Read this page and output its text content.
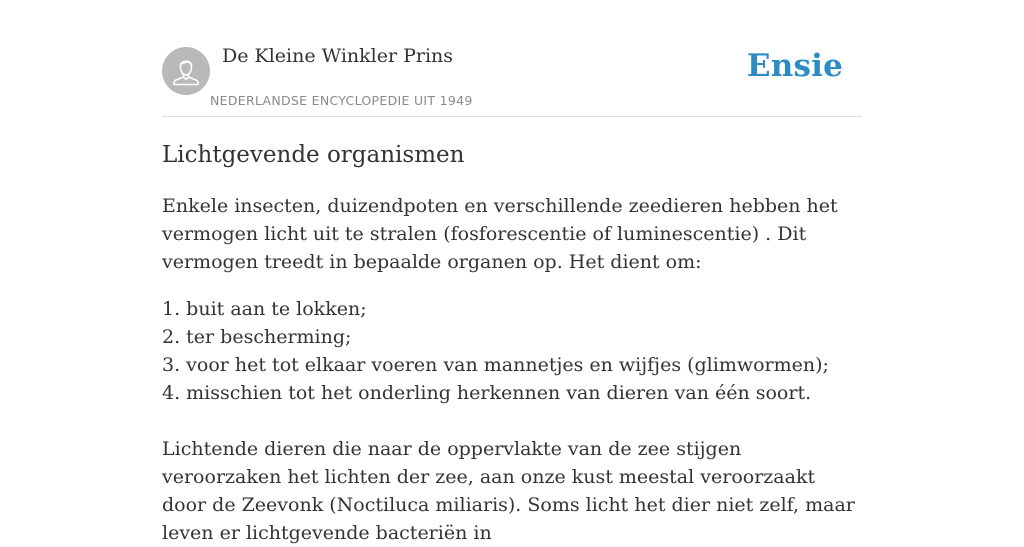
De Kleine Winkler Prins
NEDERLANDSE ENCYCLOPEDIE UIT 1949
Ensie
Lichtgevende organismen

Enkele insecten, duizendpoten en verschillende zeedieren hebben het vermogen licht uit te stralen (fosforescentie of luminescentie) . Dit vermogen treedt in bepaalde organen op. Het dient om:

1. buit aan te lokken;
2. ter bescherming;
3. voor het tot elkaar voeren van mannetjes en wijfjes (glimwormen);
4. misschien tot het onderling herkennen van dieren van één soort.

Lichtende dieren die naar de oppervlakte van de zee stijgen veroorzaken het lichten der zee, aan onze kust meestal veroorzaakt door de Zeevonk (Noctiluca miliaris). Soms licht het dier niet zelf, maar leven er lichtgevende bacteriën in
